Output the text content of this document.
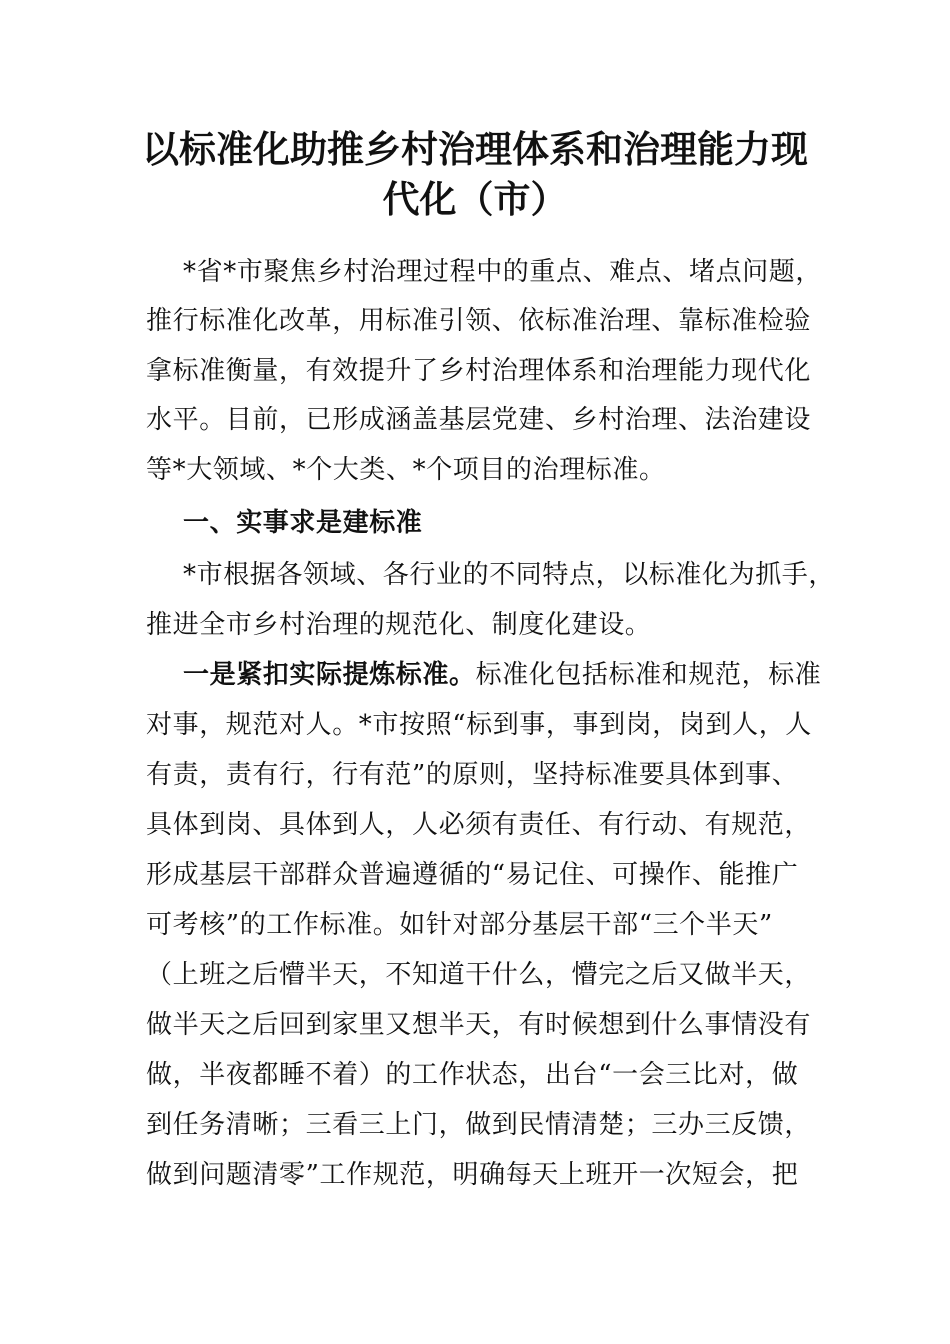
以标准化助推乡村治理体系和治理能力现
代化（市）
*省*市聚焦乡村治理过程中的重点、难点、堵点问题，
推行标准化改革，用标准引领、依标准治理、靠标准检验
拿标准衡量，有效提升了乡村治理体系和治理能力现代化
水平。目前，已形成涵盖基层党建、乡村治理、法治建设
等*大领域、*个大类、*个项目的治理标准。
一、实事求是建标准
*市根据各领域、各行业的不同特点，以标准化为抓手，
推进全市乡村治理的规范化、制度化建设。
一是紧扣实际提炼标准。标准化包括标准和规范，标准
对事，规范对人。*市按照“标到事，事到岗，岗到人，人
有责，责有行，行有范”的原则，坚持标准要具体到事、
具体到岗、具体到人，人必须有责任、有行动、有规范，
形成基层干部群众普遍遵循的“易记住、可操作、能推广
可考核”的工作标准。如针对部分基层干部“三个半天”
（上班之后懵半天，不知道干什么，懵完之后又做半天，
做半天之后回到家里又想半天，有时候想到什么事情没有
做，半夜都睡不着）的工作状态，出台“一会三比对，做
到任务清晰；三看三上门，做到民情清楚；三办三反馈，
做到问题清零”工作规范，明确每天上班开一次短会，把
